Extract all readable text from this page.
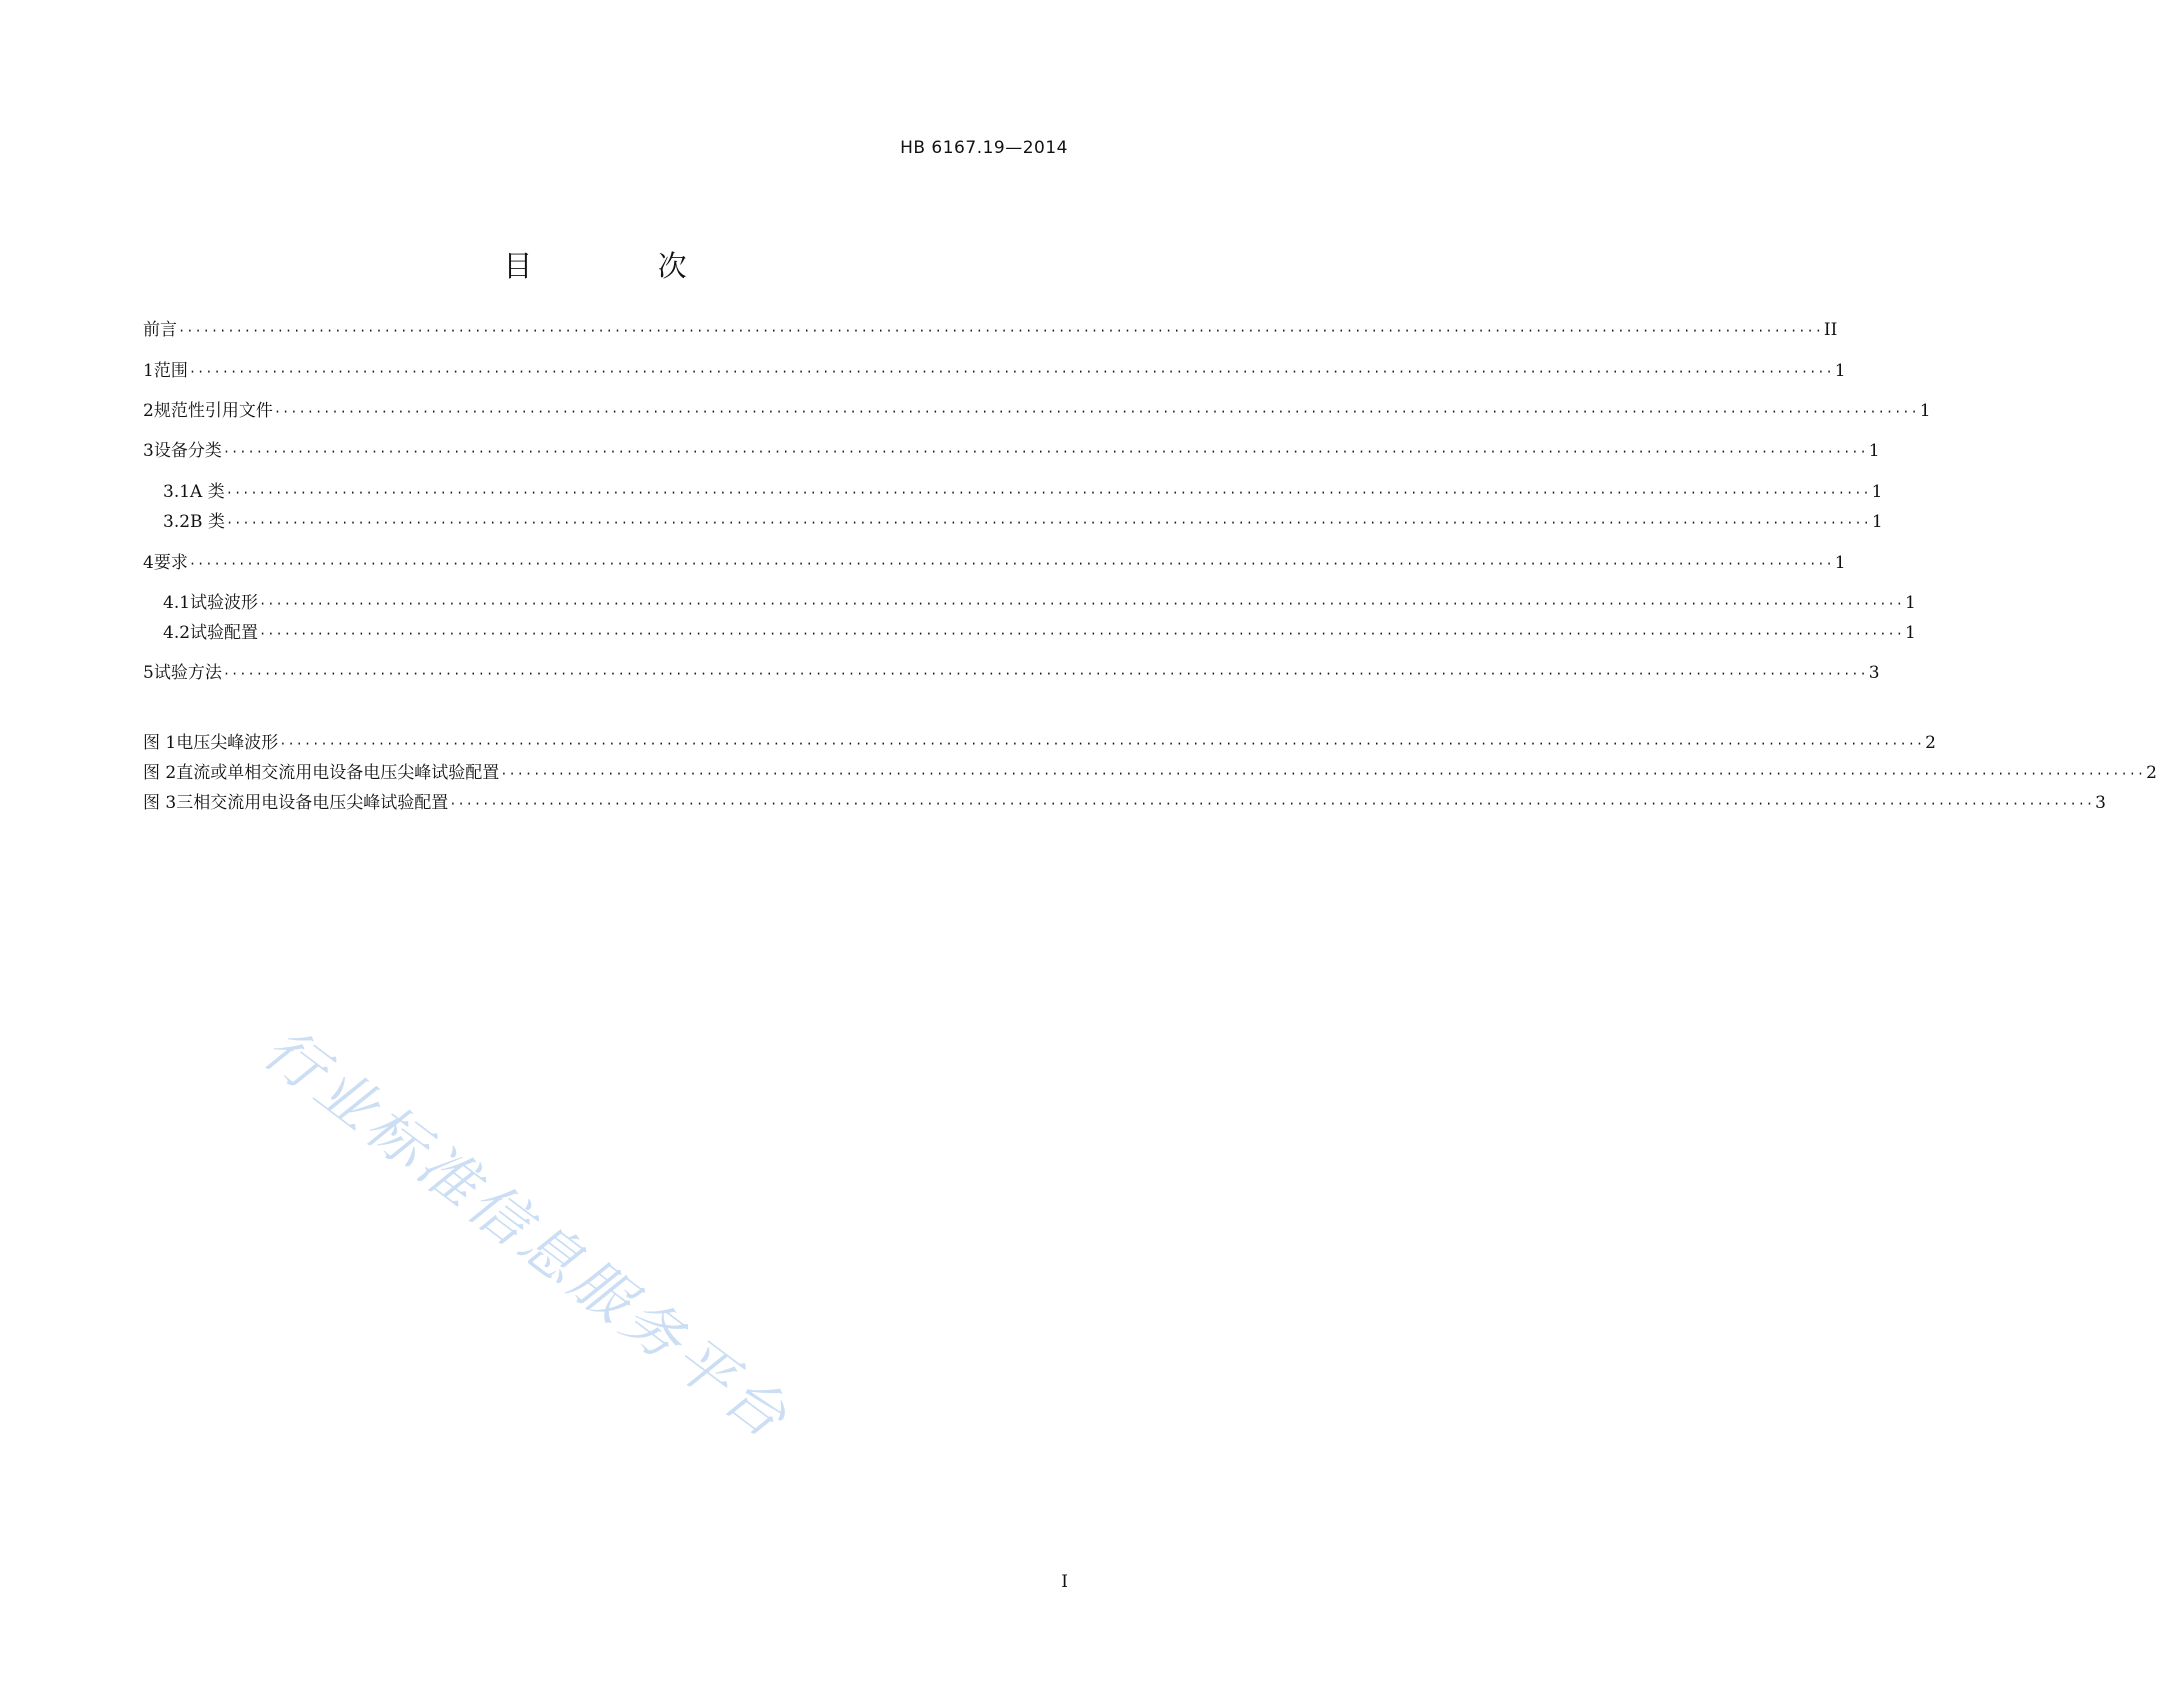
HB 6167.19—2014
目 次
前言 ········································································································································································································ II
1 范围 ········································································································································································································ 1
2 规范性引用文件 ········································································································································································································ 1
3 设备分类 ········································································································································································································ 1
3.1 A 类 ········································································································································································································ 1
3.2 B 类 ········································································································································································································ 1
4 要求 ········································································································································································································ 1
4.1 试验波形 ········································································································································································································ 1
4.2 试验配置 ········································································································································································································ 1
5 试验方法 ········································································································································································································ 3
图 1 电压尖峰波形 ········································································································································································································ 2
图 2 直流或单相交流用电设备电压尖峰试验配置 ········································································································································································································ 2
图 3 三相交流用电设备电压尖峰试验配置 ········································································································································································································ 3
行业标准信息服务平台
I
